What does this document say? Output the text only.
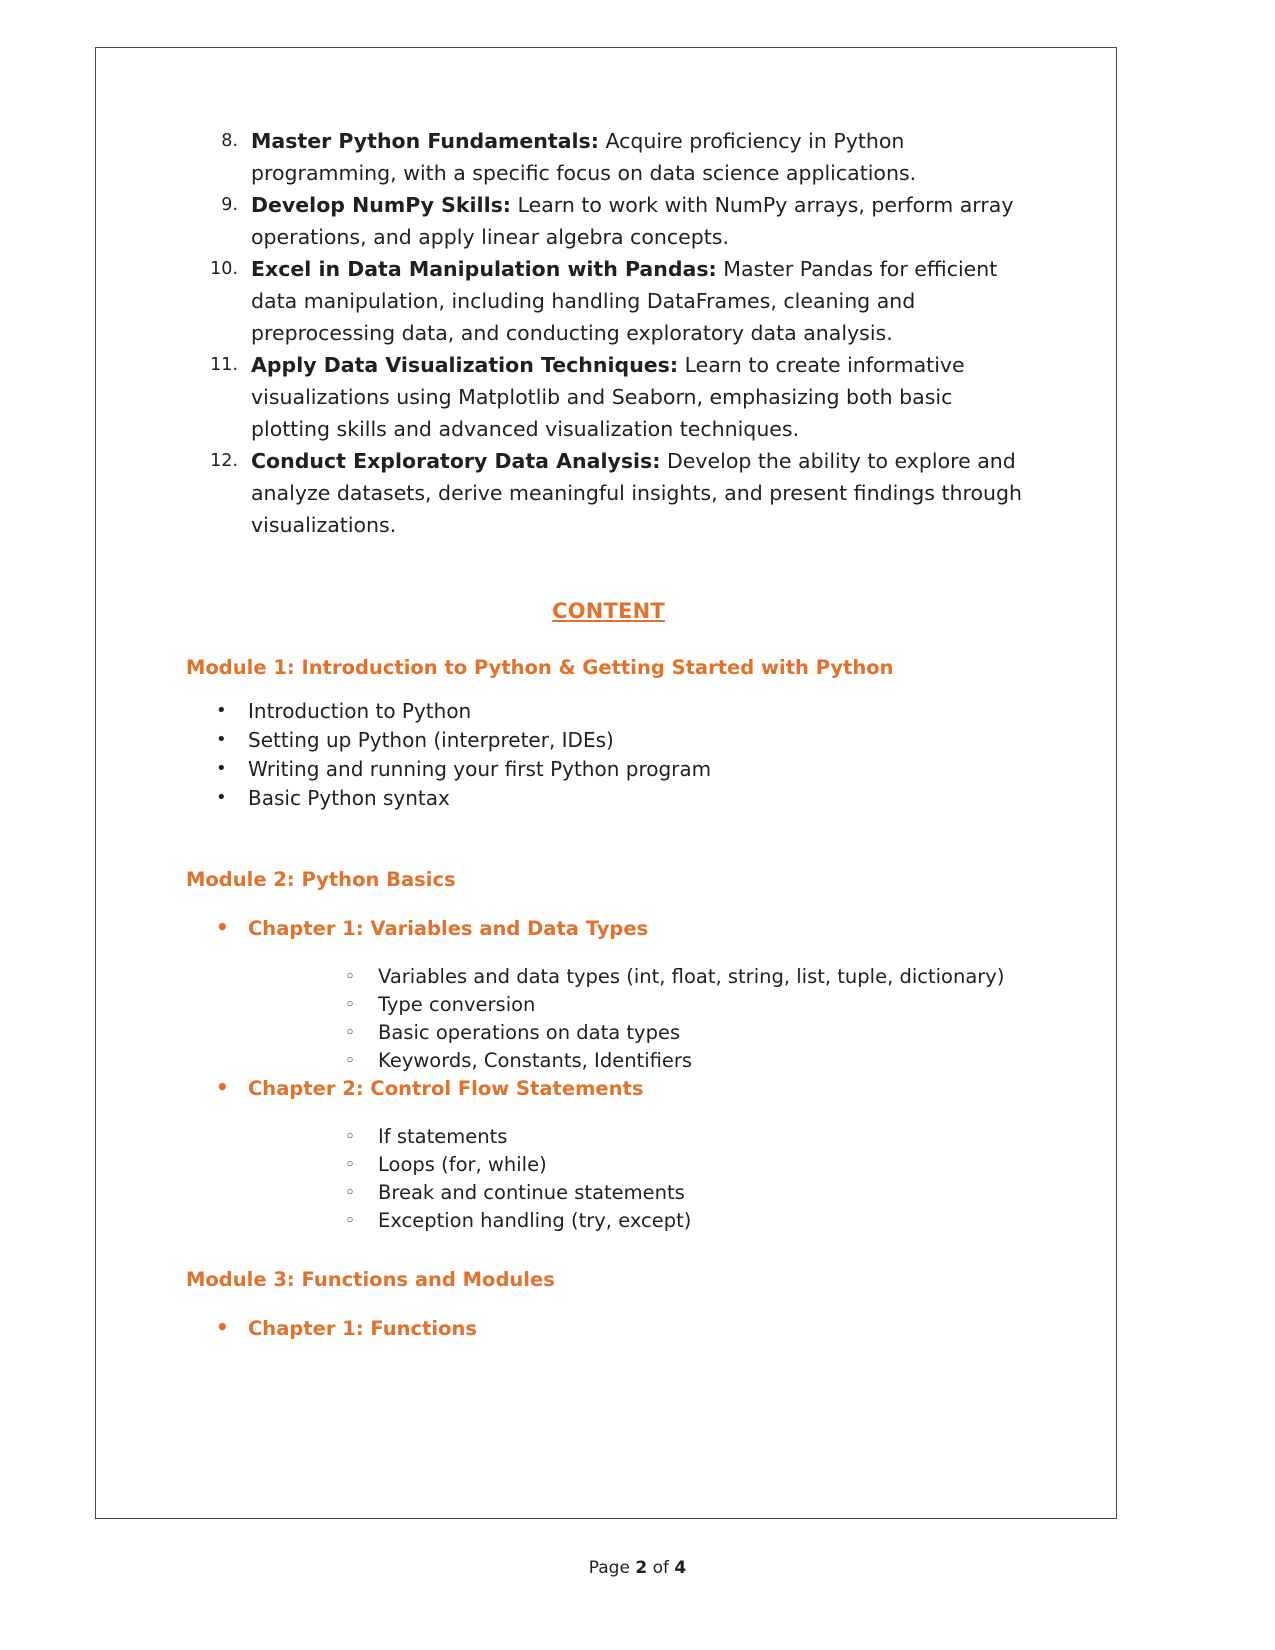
8. Master Python Fundamentals: Acquire proficiency in Python programming, with a specific focus on data science applications.
9. Develop NumPy Skills: Learn to work with NumPy arrays, perform array operations, and apply linear algebra concepts.
10. Excel in Data Manipulation with Pandas: Master Pandas for efficient data manipulation, including handling DataFrames, cleaning and preprocessing data, and conducting exploratory data analysis.
11. Apply Data Visualization Techniques: Learn to create informative visualizations using Matplotlib and Seaborn, emphasizing both basic plotting skills and advanced visualization techniques.
12. Conduct Exploratory Data Analysis: Develop the ability to explore and analyze datasets, derive meaningful insights, and present findings through visualizations.
CONTENT
Module 1: Introduction to Python & Getting Started with Python
• Introduction to Python
• Setting up Python (interpreter, IDEs)
• Writing and running your first Python program
• Basic Python syntax
Module 2: Python Basics
• Chapter 1: Variables and Data Types
◦ Variables and data types (int, float, string, list, tuple, dictionary)
◦ Type conversion
◦ Basic operations on data types
◦ Keywords, Constants, Identifiers
• Chapter 2: Control Flow Statements
◦ If statements
◦ Loops (for, while)
◦ Break and continue statements
◦ Exception handling (try, except)
Module 3: Functions and Modules
• Chapter 1: Functions
Page 2 of 4
